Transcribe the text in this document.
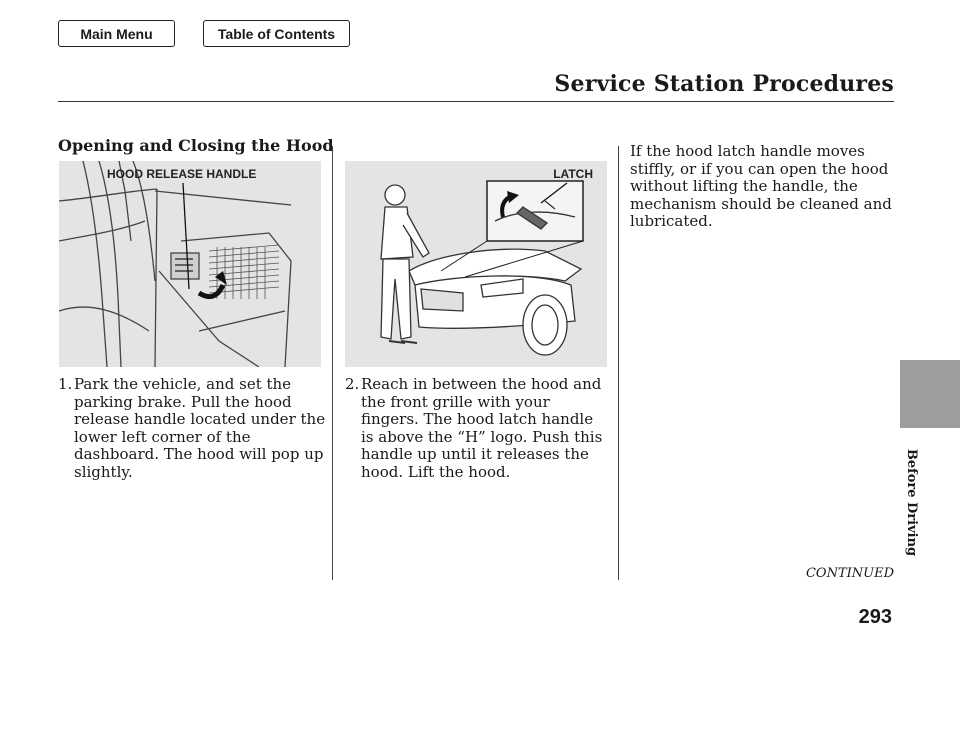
Main Menu	Table of Contents
Service Station Procedures
Opening and Closing the Hood
HOOD RELEASE HANDLE	LATCH

1. Park the vehicle, and set the parking brake. Pull the hood release handle located under the lower left corner of the dashboard. The hood will pop up slightly.

2. Reach in between the hood and the front grille with your fingers. The hood latch handle is above the “H” logo. Push this handle up until it releases the hood. Lift the hood.

If the hood latch handle moves stiffly, or if you can open the hood without lifting the handle, the mechanism should be cleaned and lubricated.

CONTINUED

293

Before Driving
